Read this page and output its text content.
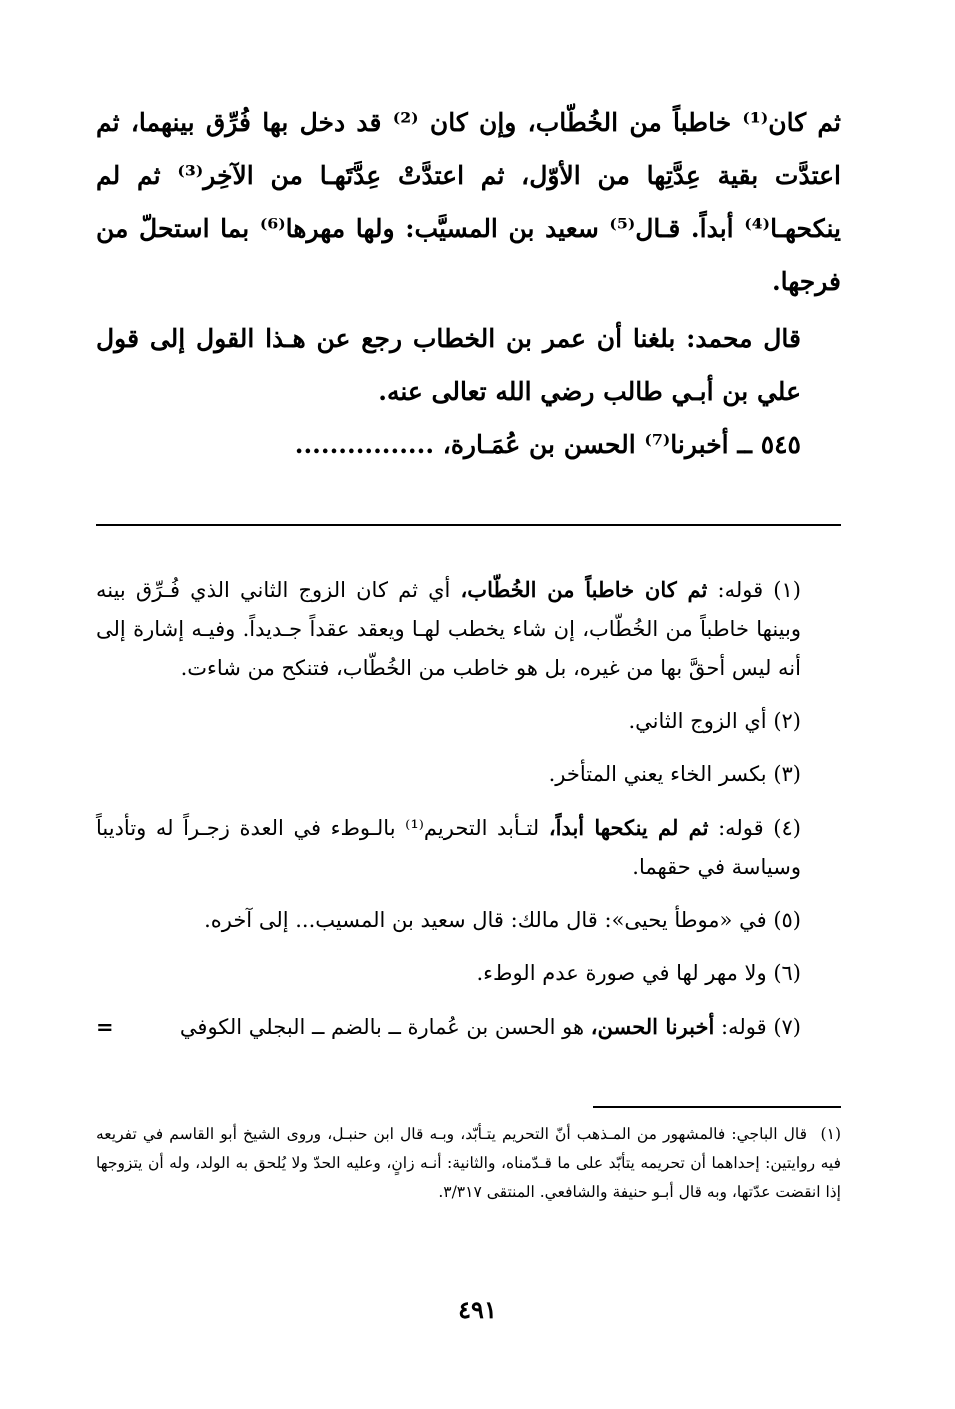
ثم كان⁽¹⁾ خاطباً من الخُطّاب، وإن كان ⁽²⁾ قد دخل بها فُرِّق بينهما، ثم اعتدَّت بقية عِدَّتِها من الأوّل، ثم اعتدَّتْ عِدَّتَهـا من الآخِر⁽³⁾ ثم لم ينكحهـا⁽⁴⁾ أبداً. قـال⁽⁵⁾ سعيد بن المسيَّب: ولها مهرها⁽⁶⁾ بما استحلّ من فرجها.

قال محمد: بلغنا أن عمر بن الخطاب رجع عن هـذا القول إلى قول علي بن أبـي طالب رضي الله تعالى عنه.

٥٤٥ ــ أخبرنا⁽⁷⁾ الحسن بن عُمَـارة، ................

(١) قوله: ثم كان خاطباً من الخُطّاب، أي ثم كان الزوج الثاني الذي فُـرِّق بينه وبينها خاطباً من الخُطّاب، إن شاء يخطب لهـا ويعقد عقداً جـديداً. وفيـه إشارة إلى أنه ليس أحقَّ بها من غيره، بل هو خاطب من الخُطّاب، فتنكح من شاءت.

(٢) أي الزوج الثاني.

(٣) بكسر الخاء يعني المتأخر.

(٤) قوله: ثم لم ينكحها أبداً، لتـأبد التحريم⁽¹⁾ بالـوطء في العدة زجـراً له وتأديباً وسياسة في حقهما.

(٥) في «موطأ يحيى»: قال مالك: قال سعيد بن المسيب... إلى آخره.

(٦) ولا مهر لها في صورة عدم الوطء.

=	(٧) قوله: أخبرنا الحسن، هو الحسن بن عُمارة ــ بالضم ــ البجلي الكوفي

(١)قال الباجي: فالمشهور من المـذهب أنّ التحريم يتـأبّد، وبـه قال ابن حنبـل، وروى الشيخ أبو القاسم في تفريعه فيه روايتين: إحداهما أن تحريمه يتأبّد على ما قـدّمناه، والثانية: أنـه زانٍ، وعليه الحدّ ولا يُلحق به الولد، وله أن يتزوجها إذا انقضت عدّتها، وبه قال أبـو حنيفة والشافعي. المنتقى ٣/٣١٧.

٤٩١
